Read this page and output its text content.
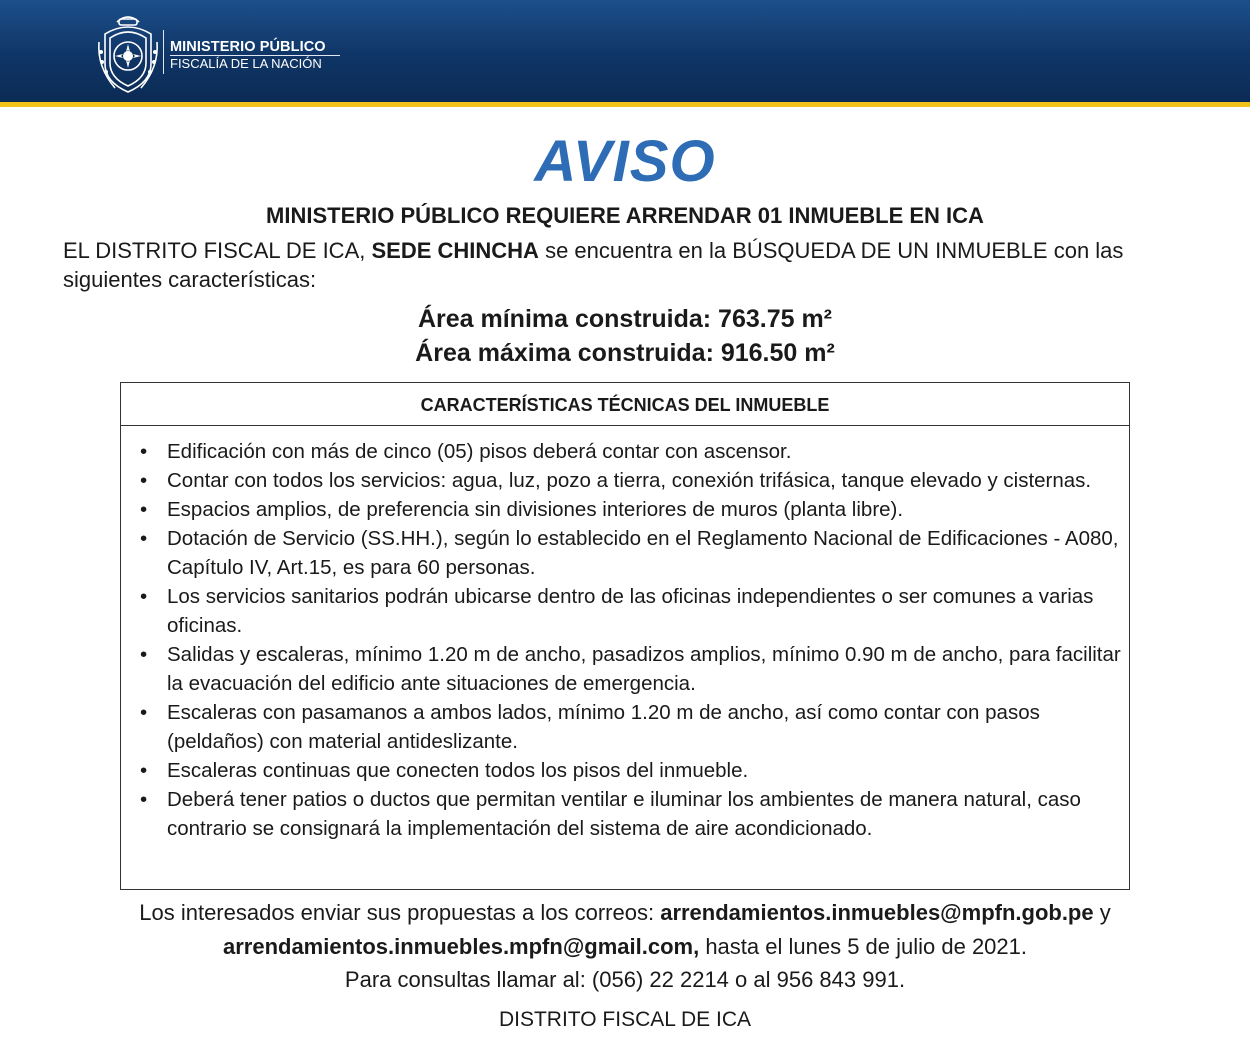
MINISTERIO PÚBLICO
FISCALÍA DE LA NACIÓN
AVISO
MINISTERIO PÚBLICO REQUIERE ARRENDAR 01 INMUEBLE EN ICA
EL DISTRITO FISCAL DE ICA, SEDE CHINCHA se encuentra en la BÚSQUEDA DE UN INMUEBLE con las siguientes características:
Área mínima construida: 763.75 m²
Área máxima construida: 916.50 m²
CARACTERÍSTICAS TÉCNICAS DEL INMUEBLE
• Edificación con más de cinco (05) pisos deberá contar con ascensor.
• Contar con todos los servicios: agua, luz, pozo a tierra, conexión trifásica, tanque elevado y cisternas.
• Espacios amplios, de preferencia sin divisiones interiores de muros (planta libre).
• Dotación de Servicio (SS.HH.), según lo establecido en el Reglamento Nacional de Edificaciones - A080, Capítulo IV, Art.15, es para 60 personas.
• Los servicios sanitarios podrán ubicarse dentro de las oficinas independientes o ser comunes a varias oficinas.
• Salidas y escaleras, mínimo 1.20 m de ancho, pasadizos amplios, mínimo 0.90 m de ancho, para facilitar la evacuación del edificio ante situaciones de emergencia.
• Escaleras con pasamanos a ambos lados, mínimo 1.20 m de ancho, así como contar con pasos (peldaños) con material antideslizante.
• Escaleras continuas que conecten todos los pisos del inmueble.
• Deberá tener patios o ductos que permitan ventilar e iluminar los ambientes de manera natural, caso contrario se consignará la implementación del sistema de aire acondicionado.
Los interesados enviar sus propuestas a los correos: arrendamientos.inmuebles@mpfn.gob.pe y
arrendamientos.inmuebles.mpfn@gmail.com, hasta el lunes 5 de julio de 2021.
Para consultas llamar al: (056) 22 2214 o al 956 843 991.
DISTRITO FISCAL DE ICA
